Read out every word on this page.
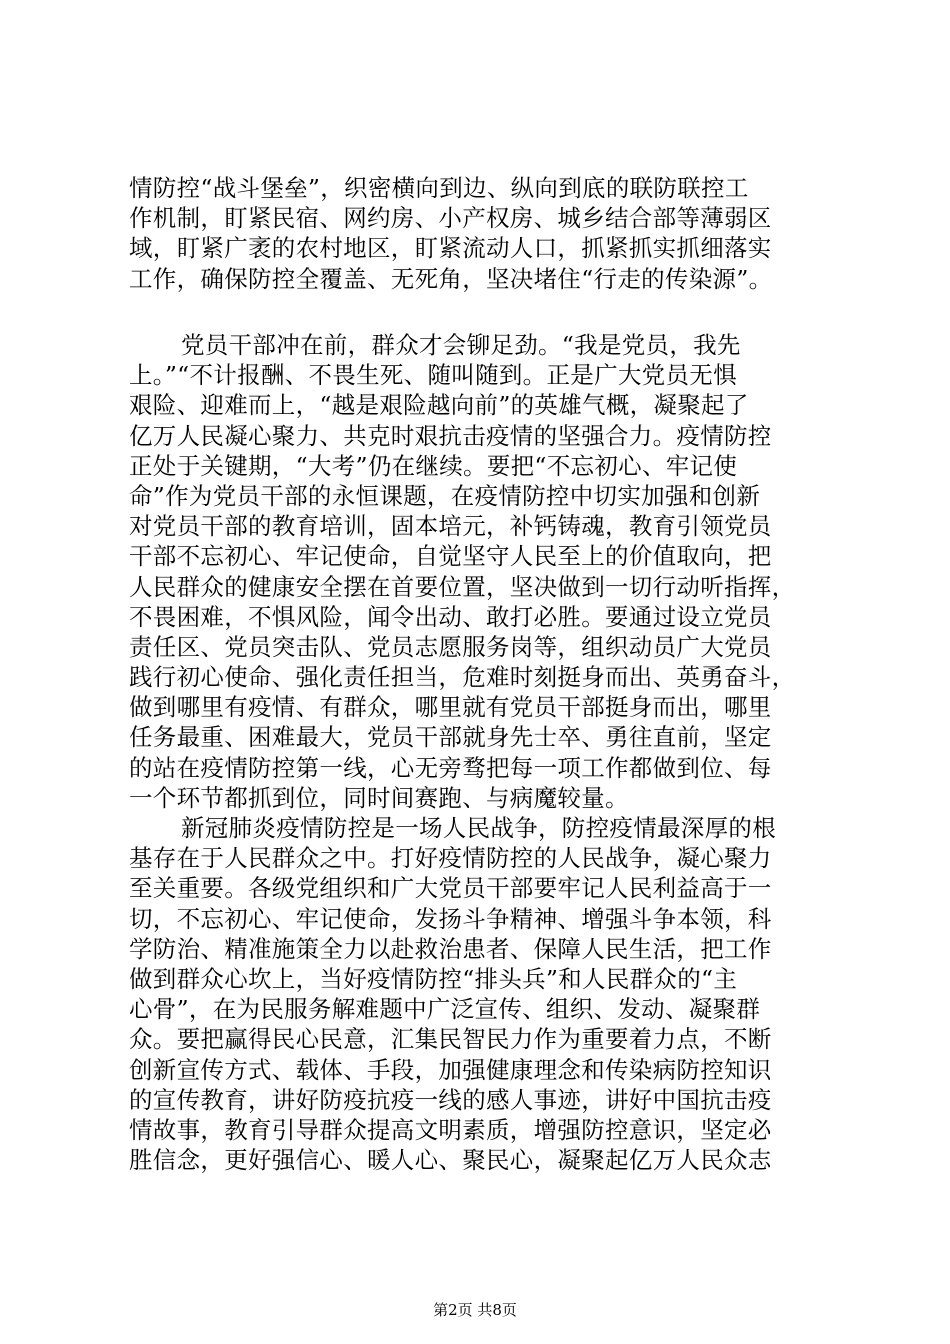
情防控“战斗堡垒”，织密横向到边、纵向到底的联防联控工
作机制，盯紧民宿、网约房、小产权房、城乡结合部等薄弱区
域，盯紧广袤的农村地区，盯紧流动人口，抓紧抓实抓细落实
工作，确保防控全覆盖、无死角，坚决堵住“行走的传染源”。
党员干部冲在前，群众才会铆足劲。“我是党员，我先
上。”“不计报酬、不畏生死、随叫随到。正是广大党员无惧
艰险、迎难而上，“越是艰险越向前”的英雄气概，凝聚起了
亿万人民凝心聚力、共克时艰抗击疫情的坚强合力。疫情防控
正处于关键期，“大考”仍在继续。要把“不忘初心、牢记使
命”作为党员干部的永恒课题，在疫情防控中切实加强和创新
对党员干部的教育培训，固本培元，补钙铸魂，教育引领党员
干部不忘初心、牢记使命，自觉坚守人民至上的价值取向，把
人民群众的健康安全摆在首要位置，坚决做到一切行动听指挥，
不畏困难，不惧风险，闻令出动、敢打必胜。要通过设立党员
责任区、党员突击队、党员志愿服务岗等，组织动员广大党员
践行初心使命、强化责任担当，危难时刻挺身而出、英勇奋斗，
做到哪里有疫情、有群众，哪里就有党员干部挺身而出，哪里
任务最重、困难最大，党员干部就身先士卒、勇往直前，坚定
的站在疫情防控第一线，心无旁骛把每一项工作都做到位、每
一个环节都抓到位，同时间赛跑、与病魔较量。
新冠肺炎疫情防控是一场人民战争，防控疫情最深厚的根
基存在于人民群众之中。打好疫情防控的人民战争，凝心聚力
至关重要。各级党组织和广大党员干部要牢记人民利益高于一
切，不忘初心、牢记使命，发扬斗争精神、增强斗争本领，科
学防治、精准施策全力以赴救治患者、保障人民生活，把工作
做到群众心坎上，当好疫情防控“排头兵”和人民群众的“主
心骨”，在为民服务解难题中广泛宣传、组织、发动、凝聚群
众。要把赢得民心民意，汇集民智民力作为重要着力点，不断
创新宣传方式、载体、手段，加强健康理念和传染病防控知识
的宣传教育，讲好防疫抗疫一线的感人事迹，讲好中国抗击疫
情故事，教育引导群众提高文明素质，增强防控意识，坚定必
胜信念，更好强信心、暖人心、聚民心，凝聚起亿万人民众志
第2页 共8页
